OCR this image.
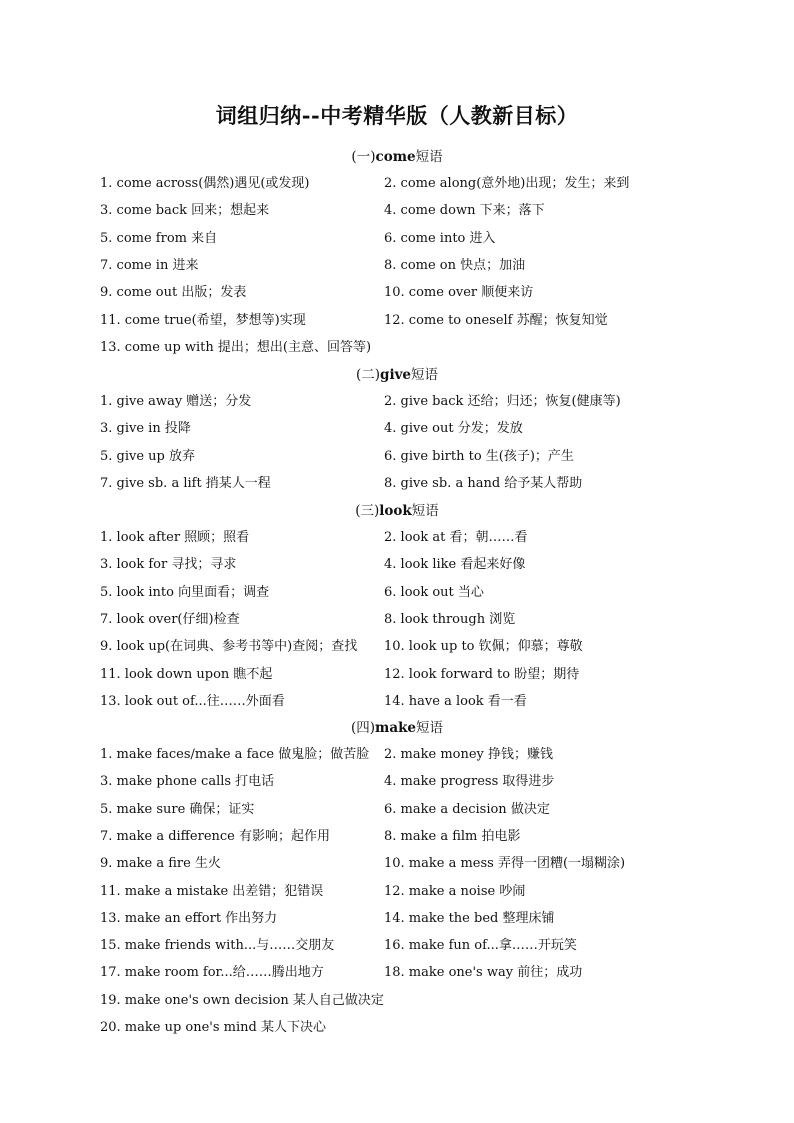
词组归纳--中考精华版（人教新目标）
(一)come短语
1. come across(偶然)遇见(或发现)	2. come along(意外地)出现；发生；来到
3. come back 回来；想起来	4. come down 下来；落下
5. come from 来自	6. come into 进入
7. come in 进来	8. come on 快点；加油
9. come out 出版；发表	10. come over 顺便来访
11. come true(希望，梦想等)实现	12. come to oneself 苏醒；恢复知觉
13. come up with 提出；想出(主意、回答等)
(二)give短语
1. give away 赠送；分发	2. give back 还给；归还；恢复(健康等)
3. give in 投降	4. give out 分发；发放
5. give up 放弃	6. give birth to 生(孩子)；产生
7. give sb. a lift 捎某人一程	8. give sb. a hand 给予某人帮助
(三)look短语
1. look after 照顾；照看	2. look at 看；朝……看
3. look for 寻找；寻求	4. look like 看起来好像
5. look into 向里面看；调查	6. look out 当心
7. look over(仔细)检查	8. look through 浏览
9. look up(在词典、参考书等中)查阅；查找 10. look up to 钦佩；仰慕；尊敬
11. look down upon 瞧不起	12. look forward to 盼望；期待
13. look out of...往……外面看	14. have a look 看一看
(四)make短语
1. make faces/make a face 做鬼脸；做苦脸 2. make money 挣钱；赚钱
3. make phone calls 打电话	4. make progress 取得进步
5. make sure 确保；证实	6. make a decision 做决定
7. make a difference 有影响；起作用	8. make a film 拍电影
9. make a fire 生火	10. make a mess 弄得一团糟(一塌糊涂)
11. make a mistake 出差错；犯错误	12. make a noise 吵闹
13. make an effort 作出努力	14. make the bed 整理床铺
15. make friends with...与……交朋友	16. make fun of...拿……开玩笑
17. make room for...给……腾出地方	18. make one's way 前往；成功
19. make one's own decision 某人自己做决定
20. make up one's mind 某人下决心
